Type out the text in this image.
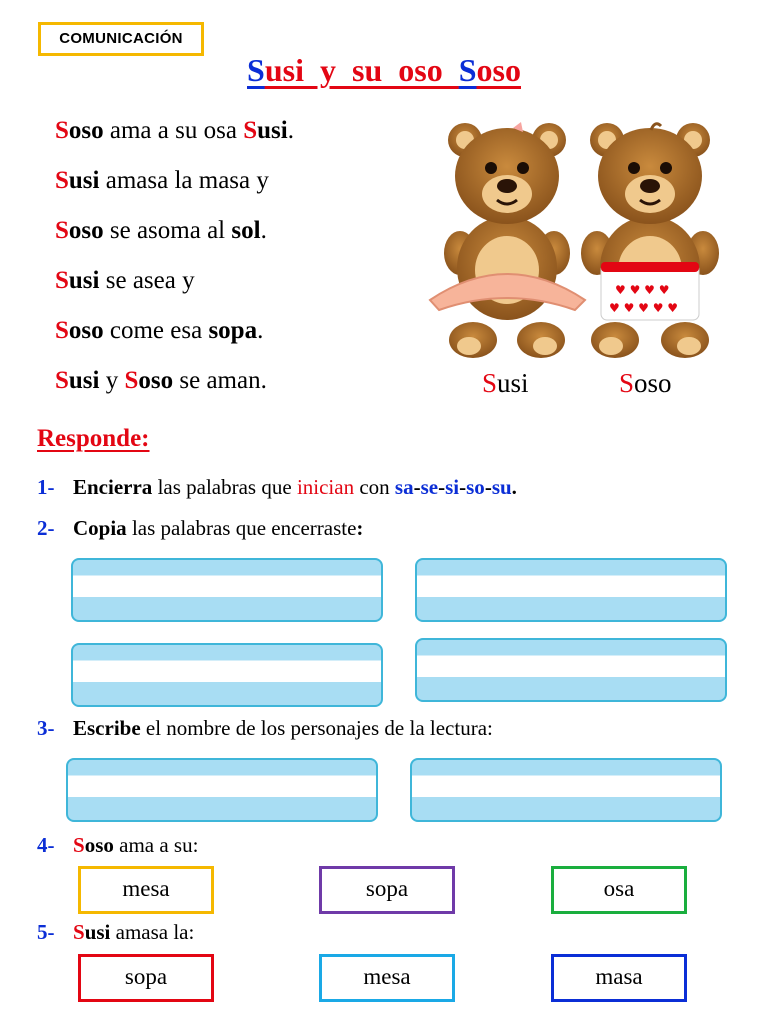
COMUNICACIÓN
Susi  y  su  oso  Soso
Soso ama a su osa Susi.
Susi amasa la masa y
Soso se asoma al sol.
Susi se asea y
Soso come esa sopa.
Susi y Soso se aman.
♥ ♥ ♥ ♥
♥ ♥ ♥ ♥ ♥
Susi	Soso
Responde:
1- Encierra las palabras que inician con sa-se-si-so-su.
2- Copia las palabras que encerraste:
3- Escribe el nombre de los personajes de la lectura:
4- Soso ama a su:
mesa	sopa	osa
5- Susi amasa la:
sopa	mesa	masa
